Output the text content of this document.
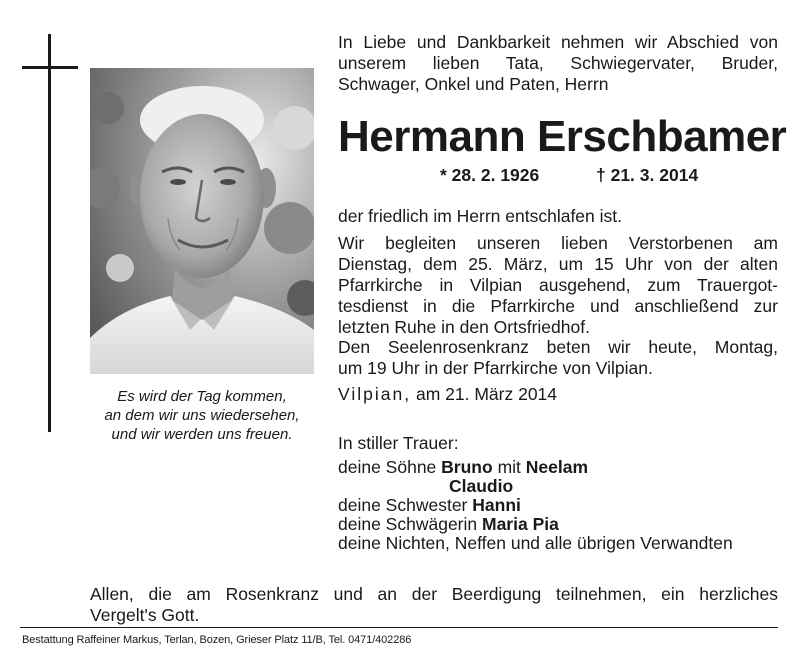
Es wird der Tag kommen,
an dem wir uns wiedersehen,
und wir werden uns freuen.
In Liebe und Dankbarkeit nehmen wir Abschied von
unserem lieben Tata, Schwiegervater, Bruder,
Schwager, Onkel und Paten, Herrn
Hermann Erschbamer
* 28. 2. 1926	† 21. 3. 2014
der friedlich im Herrn entschlafen ist.
Wir begleiten unseren lieben Verstorbenen am
Dienstag, dem 25. März, um 15 Uhr von der alten
Pfarrkirche in Vilpian ausgehend, zum Trauergot-
tesdienst in die Pfarrkirche und anschließend zur
letzten Ruhe in den Ortsfriedhof.
Den Seelenrosenkranz beten wir heute, Montag,
um 19 Uhr in der Pfarrkirche von Vilpian.
Vilpian, am 21. März 2014
In stiller Trauer:
deine Söhne Bruno mit Neelam
Claudio
deine Schwester Hanni
deine Schwägerin Maria Pia
deine Nichten, Neffen und alle übrigen Verwandten
Allen, die am Rosenkranz und an der Beerdigung teilnehmen, ein herzliches
Vergelt's Gott.
Bestattung Raffeiner Markus, Terlan, Bozen, Grieser Platz 11/B, Tel. 0471/402286
